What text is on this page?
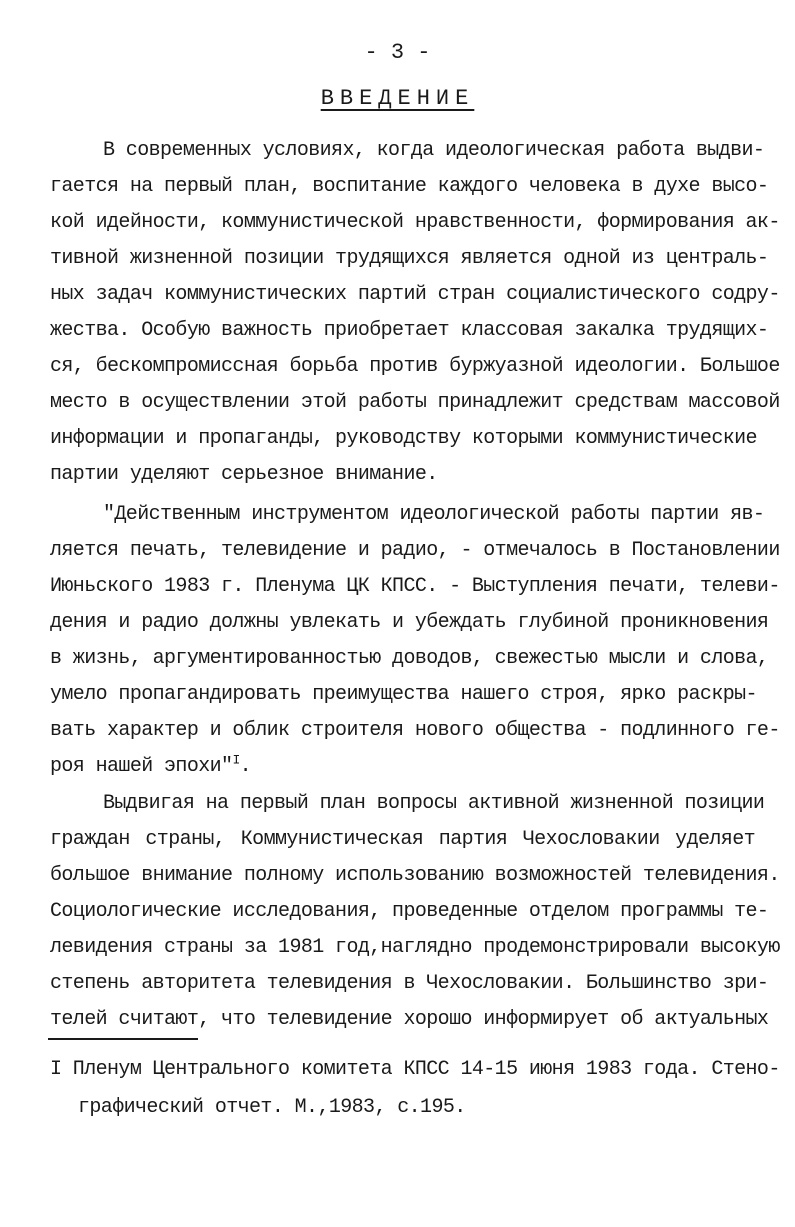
- 3 -
ВВЕДЕНИЕ
В современных условиях, когда идеологическая работа выдви-
гается на первый план, воспитание каждого человека в духе высо-
кой идейности, коммунистической нравственности, формирования ак-
тивной жизненной позиции трудящихся является одной из централь-
ных задач коммунистических партий стран социалистического содру-
жества. Особую важность приобретает классовая закалка трудящих-
ся, бескомпромиссная борьба против буржуазной идеологии. Большое
место в осуществлении этой работы принадлежит средствам массовой
информации и пропаганды, руководству которыми коммунистические
партии уделяют серьезное внимание.
"Действенным инструментом идеологической работы партии яв-
ляется печать, телевидение и радио, - отмечалось в Постановлении
Июньского 1983 г. Пленума ЦК КПСС. - Выступления печати, телеви-
дения и радио должны увлекать и убеждать глубиной проникновения
в жизнь, аргументированностью доводов, свежестью мысли и слова,
умело пропагандировать преимущества нашего строя, ярко раскры-
вать характер и облик строителя нового общества - подлинного ге-
роя нашей эпохи"$^I$.
Выдвигая на первый план вопросы активной жизненной позиции
граждан страны, Коммунистическая партия Чехословакии уделяет
большое внимание полному использованию возможностей телевидения.
Социологические исследования, проведенные отделом программы те-
левидения страны за 1981 год,наглядно продемонстрировали высокую
степень авторитета телевидения в Чехословакии. Большинство зри-
телей считают, что телевидение хорошо информирует об актуальных
I Пленум Центрального комитета КПСС 14-15 июня 1983 года. Стено-
графический отчет. М.,1983, с.195.
